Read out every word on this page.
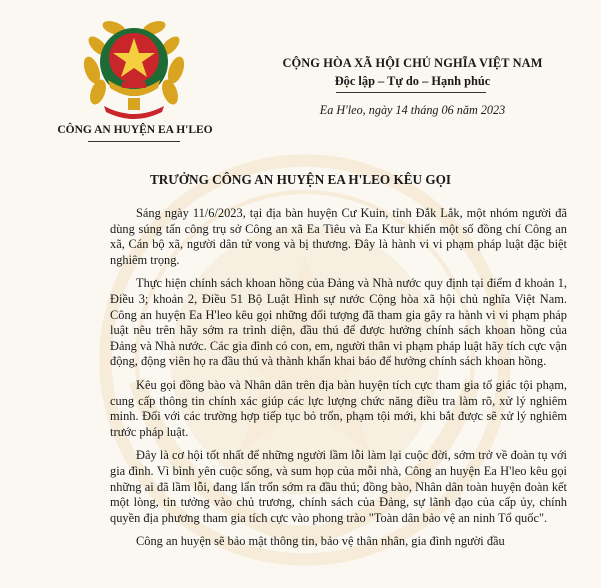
CÔNG AN HUYỆN EA H'LEO
CỘNG HÒA XÃ HỘI CHỦ NGHĨA VIỆT NAM
Độc lập – Tự do – Hạnh phúc
Ea H'leo, ngày 14 tháng 06 năm 2023
TRƯỞNG CÔNG AN HUYỆN EA H'LEO KÊU GỌI

Sáng ngày 11/6/2023, tại địa bàn huyện Cư Kuin, tỉnh Đắk Lắk, một nhóm người đã dùng súng tấn công trụ sở Công an xã Ea Tiêu và Ea Ktur khiến một số đồng chí Công an xã, Cán bộ xã, người dân tử vong và bị thương. Đây là hành vi vi phạm pháp luật đặc biệt nghiêm trọng.

Thực hiện chính sách khoan hồng của Đảng và Nhà nước quy định tại điểm đ khoản 1, Điều 3; khoản 2, Điều 51 Bộ Luật Hình sự nước Cộng hòa xã hội chủ nghĩa Việt Nam. Công an huyện Ea H'leo kêu gọi những đối tượng đã tham gia gây ra hành vi vi phạm pháp luật nêu trên hãy sớm ra trình diện, đầu thú để được hưởng chính sách khoan hồng của Đảng và Nhà nước. Các gia đình có con, em, người thân vi phạm pháp luật hãy tích cực vận động, động viên họ ra đầu thú và thành khẩn khai báo để hưởng chính sách khoan hồng.

Kêu gọi đồng bào và Nhân dân trên địa bàn huyện tích cực tham gia tố giác tội phạm, cung cấp thông tin chính xác giúp các lực lượng chức năng điều tra làm rõ, xử lý nghiêm minh. Đối với các trường hợp tiếp tục bỏ trốn, phạm tội mới, khi bắt được sẽ xử lý nghiêm trước pháp luật.

Đây là cơ hội tốt nhất để những người lầm lỗi làm lại cuộc đời, sớm trở về đoàn tụ với gia đình. Vì bình yên cuộc sống, và sum họp của mỗi nhà, Công an huyện Ea H'leo kêu gọi những ai đã lầm lỗi, đang lẩn trốn sớm ra đầu thú; đồng bào, Nhân dân toàn huyện đoàn kết một lòng, tin tưởng vào chủ trương, chính sách của Đảng, sự lãnh đạo của cấp ủy, chính quyền địa phương tham gia tích cực vào phong trào "Toàn dân bảo vệ an ninh Tổ quốc".

Công an huyện sẽ bảo mật thông tin, bảo vệ thân nhân, gia đình người đầu
